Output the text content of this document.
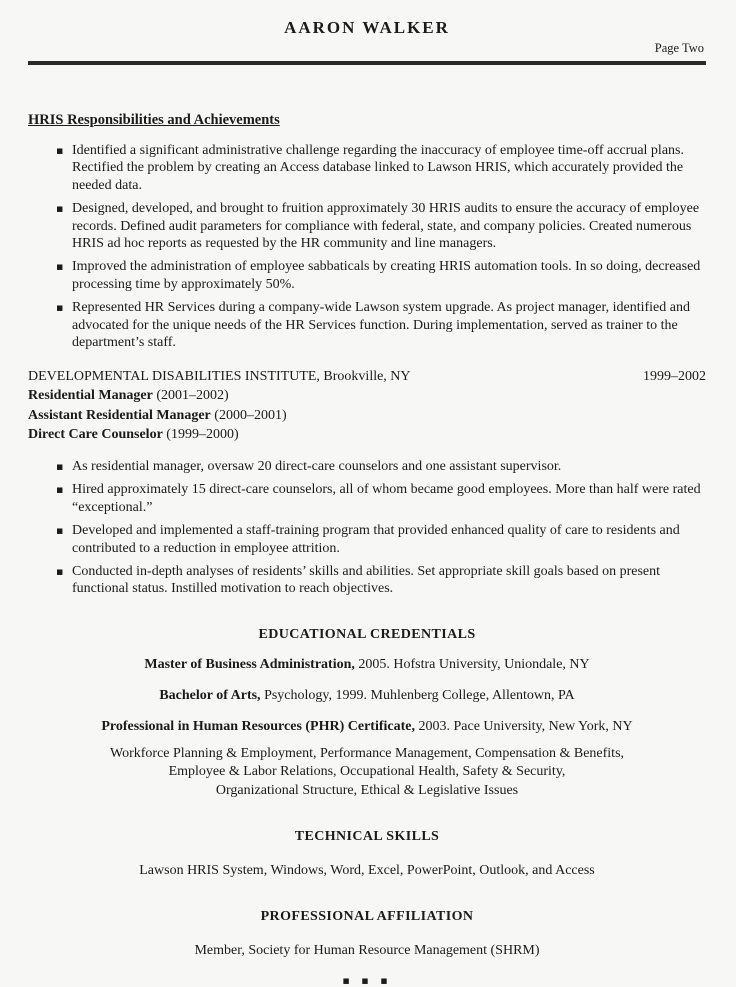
AARON WALKER
Page Two
HRIS Responsibilities and Achievements
▪ Identified a significant administrative challenge regarding the inaccuracy of employee time-off accrual plans. Rectified the problem by creating an Access database linked to Lawson HRIS, which accurately provided the needed data.
▪ Designed, developed, and brought to fruition approximately 30 HRIS audits to ensure the accuracy of employee records. Defined audit parameters for compliance with federal, state, and company policies. Created numerous HRIS ad hoc reports as requested by the HR community and line managers.
▪ Improved the administration of employee sabbaticals by creating HRIS automation tools. In so doing, decreased processing time by approximately 50%.
▪ Represented HR Services during a company-wide Lawson system upgrade. As project manager, identified and advocated for the unique needs of the HR Services function. During implementation, served as trainer to the department’s staff.
DEVELOPMENTAL DISABILITIES INSTITUTE, Brookville, NY	1999–2002
Residential Manager (2001–2002)
Assistant Residential Manager (2000–2001)
Direct Care Counselor (1999–2000)
▪ As residential manager, oversaw 20 direct-care counselors and one assistant supervisor.
▪ Hired approximately 15 direct-care counselors, all of whom became good employees. More than half were rated “exceptional.”
▪ Developed and implemented a staff-training program that provided enhanced quality of care to residents and contributed to a reduction in employee attrition.
▪ Conducted in-depth analyses of residents’ skills and abilities. Set appropriate skill goals based on present functional status. Instilled motivation to reach objectives.
EDUCATIONAL CREDENTIALS
Master of Business Administration, 2005. Hofstra University, Uniondale, NY
Bachelor of Arts, Psychology, 1999. Muhlenberg College, Allentown, PA
Professional in Human Resources (PHR) Certificate, 2003. Pace University, New York, NY
Workforce Planning & Employment, Performance Management, Compensation & Benefits,
Employee & Labor Relations, Occupational Health, Safety & Security,
Organizational Structure, Ethical & Legislative Issues
TECHNICAL SKILLS
Lawson HRIS System, Windows, Word, Excel, PowerPoint, Outlook, and Access
PROFESSIONAL AFFILIATION
Member, Society for Human Resource Management (SHRM)
▪ ▪ ▪
